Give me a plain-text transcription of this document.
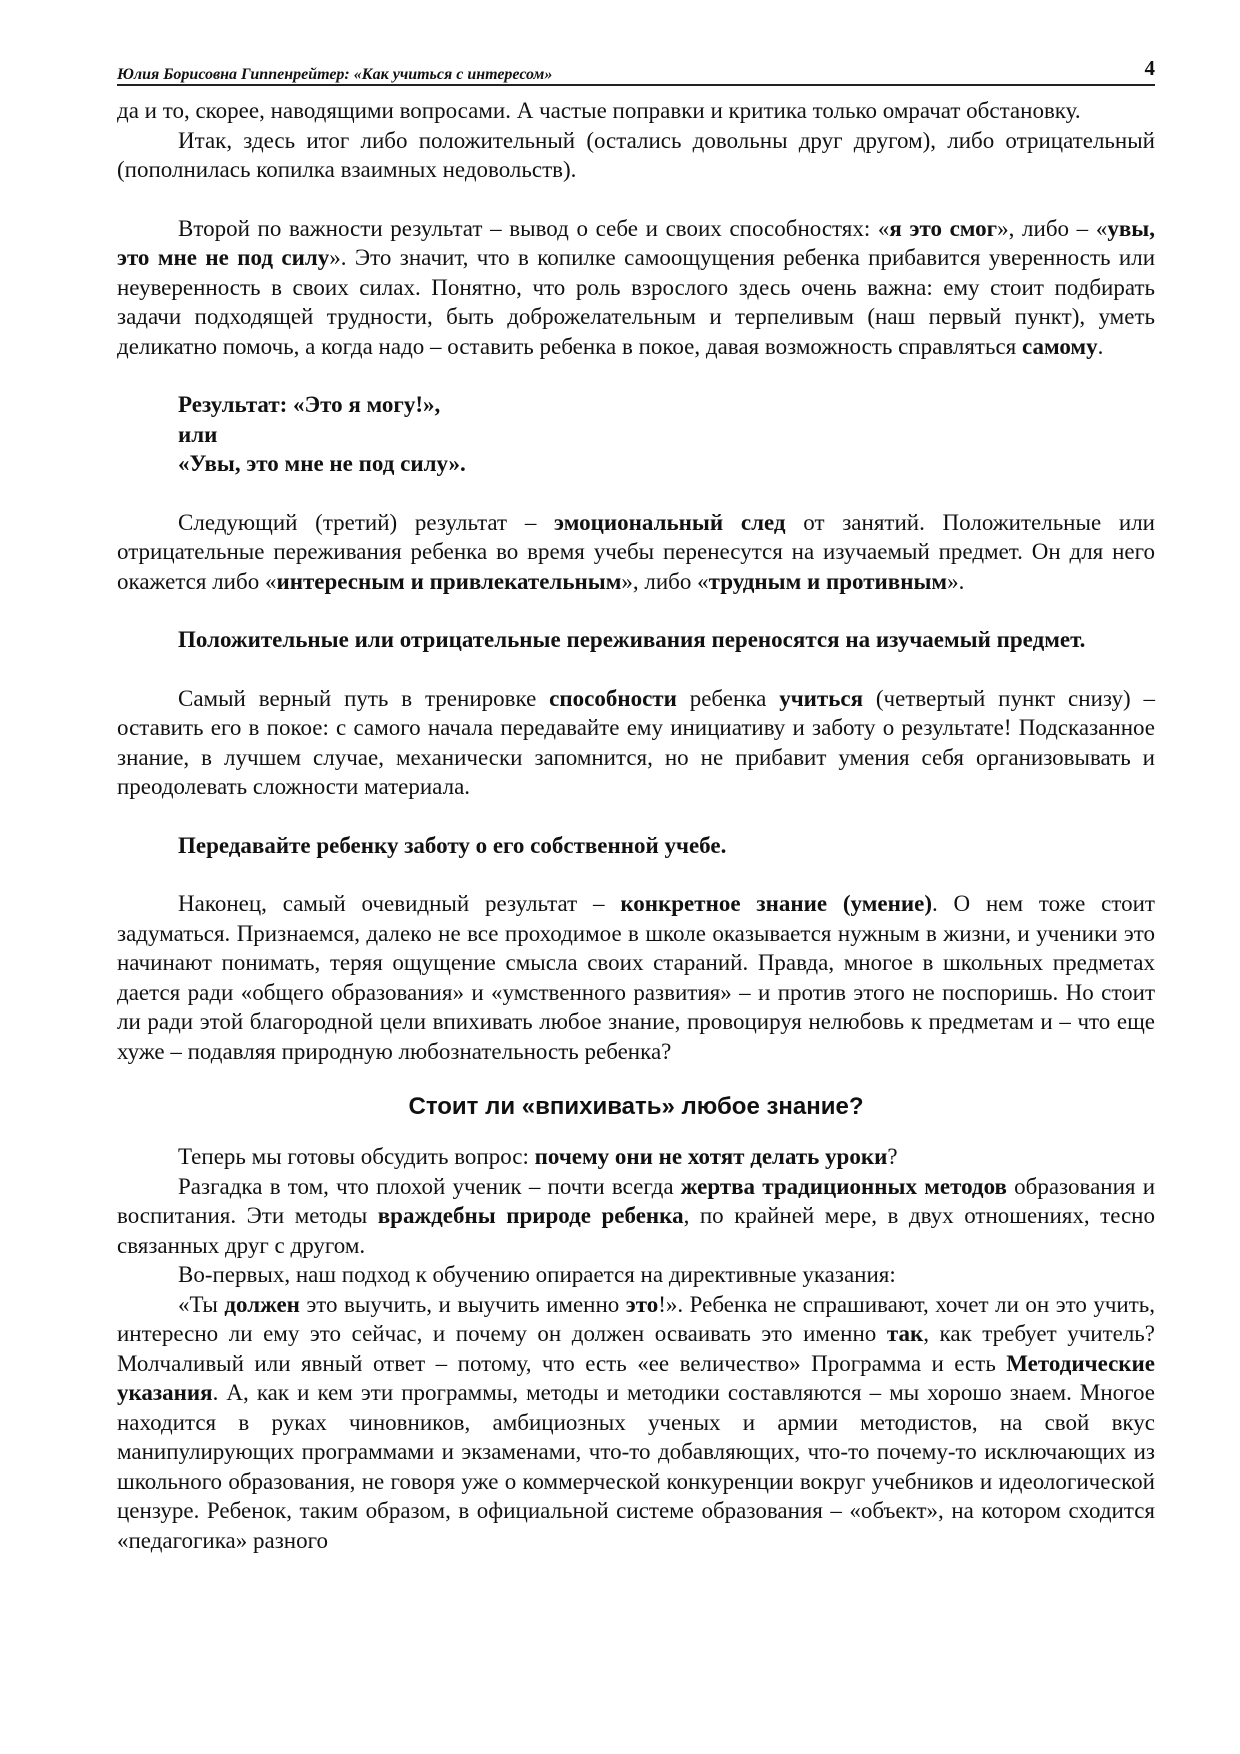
Юлия Борисовна Гиппенрейтер: «Как учиться с интересом»	4

да и то, скорее, наводящими вопросами. А частые поправки и критика только омрачат обстановку.

Итак, здесь итог либо положительный (остались довольны друг другом), либо отрицательный (пополнилась копилка взаимных недовольств).

Второй по важности результат – вывод о себе и своих способностях: «я это смог», либо – «увы, это мне не под силу». Это значит, что в копилке самоощущения ребенка прибавится уверенность или неуверенность в своих силах. Понятно, что роль взрослого здесь очень важна: ему стоит подбирать задачи подходящей трудности, быть доброжелательным и терпеливым (наш первый пункт), уметь деликатно помочь, а когда надо – оставить ребенка в покое, давая возможность справляться самому.

Результат: «Это я могу!»,
или
«Увы, это мне не под силу».

Следующий (третий) результат – эмоциональный след от занятий. Положительные или отрицательные переживания ребенка во время учебы перенесутся на изучаемый предмет. Он для него окажется либо «интересным и привлекательным», либо «трудным и противным».

Положительные или отрицательные переживания переносятся на изучаемый предмет.

Самый верный путь в тренировке способности ребенка учиться (четвертый пункт снизу) – оставить его в покое: с самого начала передавайте ему инициативу и заботу о результате! Подсказанное знание, в лучшем случае, механически запомнится, но не прибавит умения себя организовывать и преодолевать сложности материала.

Передавайте ребенку заботу о его собственной учебе.

Наконец, самый очевидный результат – конкретное знание (умение). О нем тоже стоит задуматься. Признаемся, далеко не все проходимое в школе оказывается нужным в жизни, и ученики это начинают понимать, теряя ощущение смысла своих стараний. Правда, многое в школьных предметах дается ради «общего образования» и «умственного развития» – и против этого не поспоришь. Но стоит ли ради этой благородной цели впихивать любое знание, провоцируя нелюбовь к предметам и – что еще хуже – подавляя природную любознательность ребенка?

Стоит ли «впихивать» любое знание?

Теперь мы готовы обсудить вопрос: почему они не хотят делать уроки?

Разгадка в том, что плохой ученик – почти всегда жертва традиционных методов образования и воспитания. Эти методы враждебны природе ребенка, по крайней мере, в двух отношениях, тесно связанных друг с другом.

Во-первых, наш подход к обучению опирается на директивные указания:

«Ты должен это выучить, и выучить именно это!». Ребенка не спрашивают, хочет ли он это учить, интересно ли ему это сейчас, и почему он должен осваивать это именно так, как требует учитель? Молчаливый или явный ответ – потому, что есть «ее величество» Программа и есть Методические указания. А, как и кем эти программы, методы и методики составляются – мы хорошо знаем. Многое находится в руках чиновников, амбициозных ученых и армии методистов, на свой вкус манипулирующих программами и экзаменами, что-то добавляющих, что-то почему-то исключающих из школьного образования, не говоря уже о коммерческой конкуренции вокруг учебников и идеологической цензуре. Ребенок, таким образом, в официальной системе образования – «объект», на котором сходится «педагогика» разного
